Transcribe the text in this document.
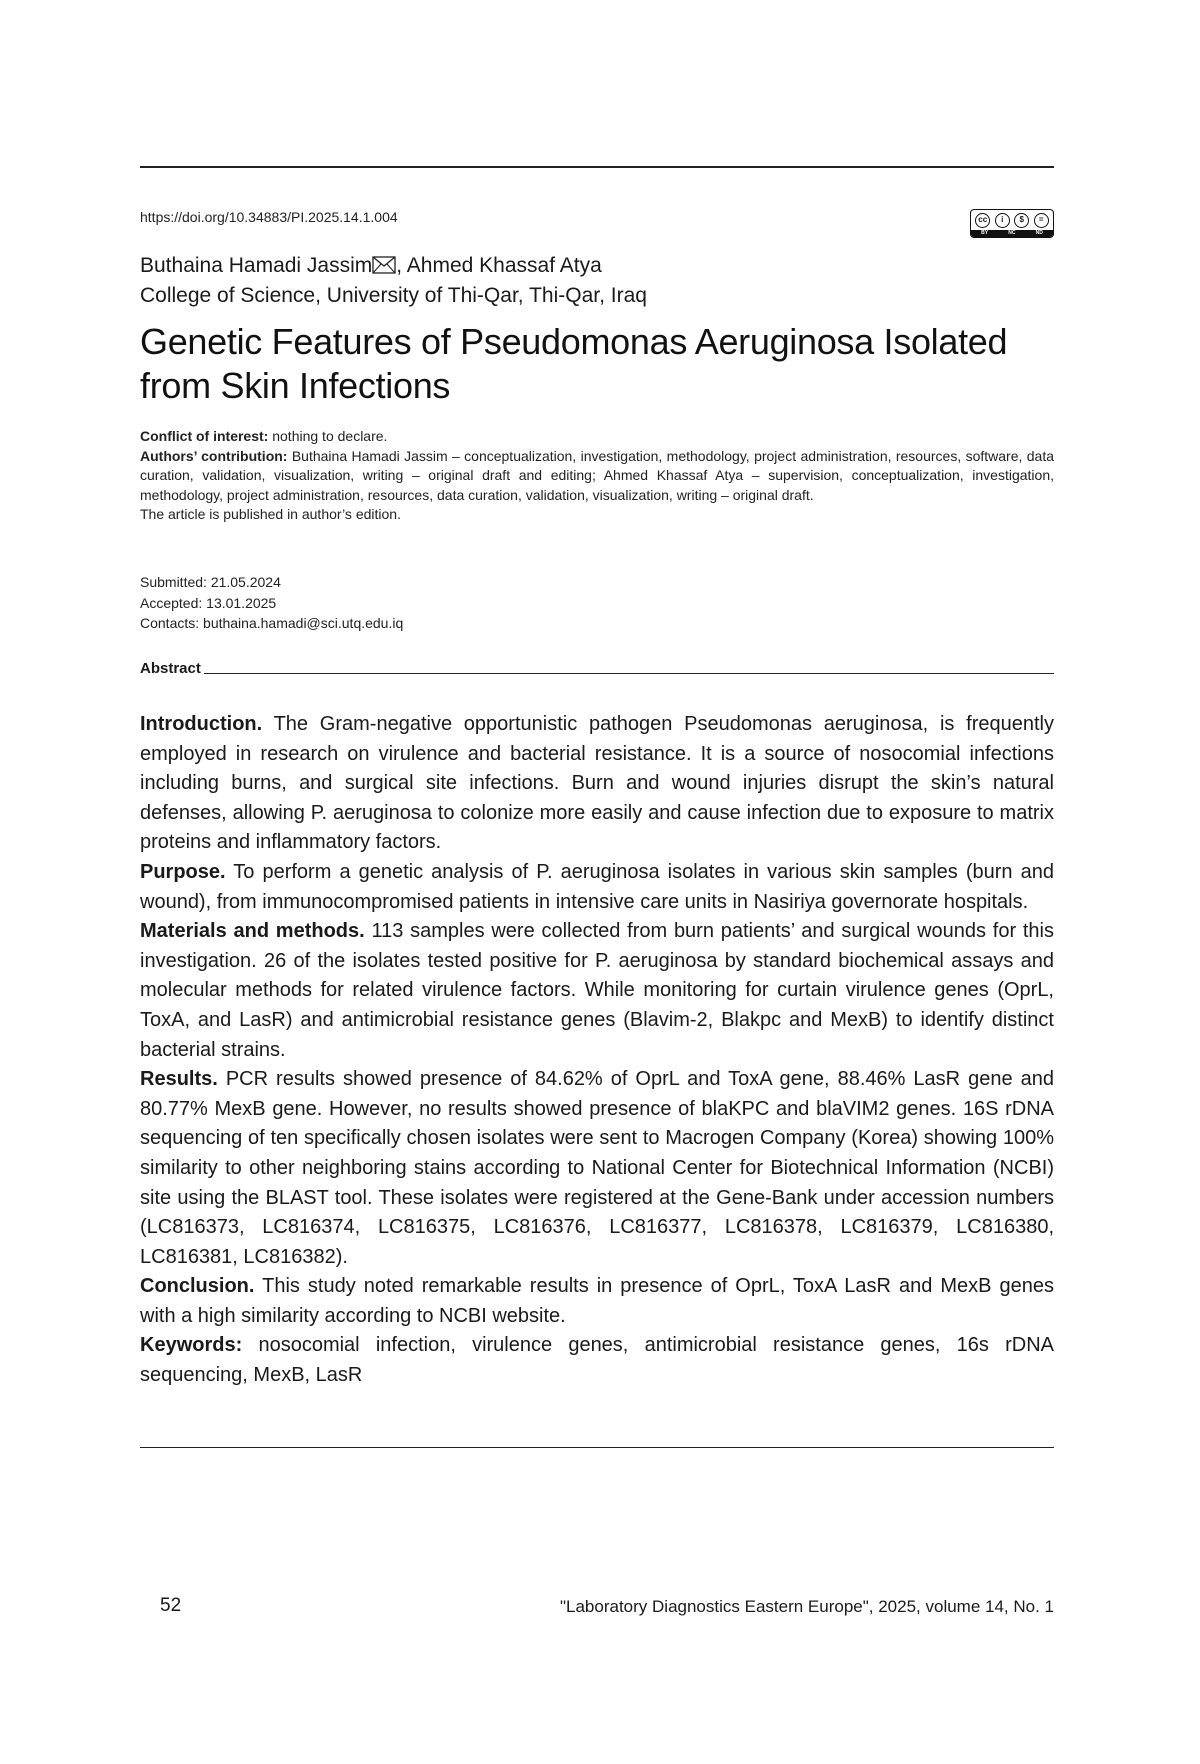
https://doi.org/10.34883/PI.2025.14.1.004	cc	i	$	=
BY	NC	ND
Buthaina Hamadi Jassim , Ahmed Khassaf Atya
College of Science, University of Thi-Qar, Thi-Qar, Iraq
Genetic Features of Pseudomonas Aeruginosa Isolated from Skin Infections

Conflict of interest: nothing to declare.

Authors’ contribution: Buthaina Hamadi Jassim – conceptualization, investigation, methodology, project administration, resources, software, data curation, validation, visualization, writing – original draft and editing; Ahmed Khassaf Atya – supervision, conceptualization, investigation, methodology, project administration, resources, data curation, validation, visualization, writing – original draft.

The article is published in author’s edition.

Submitted: 21.05.2024
Accepted: 13.01.2025
Contacts: buthaina.hamadi@sci.utq.edu.iq
Abstract

Introduction. The Gram-negative opportunistic pathogen Pseudomonas aeruginosa, is frequently employed in research on virulence and bacterial resistance. It is a source of nosocomial infections including burns, and surgical site infections. Burn and wound injuries disrupt the skin’s natural defenses, allowing P. aeruginosa to colonize more easily and cause infection due to exposure to matrix proteins and inflammatory factors.

Purpose. To perform a genetic analysis of P. aeruginosa isolates in various skin samples (burn and wound), from immunocompromised patients in intensive care units in Nasiriya governorate hospitals.

Materials and methods. 113 samples were collected from burn patients’ and surgical wounds for this investigation. 26 of the isolates tested positive for P. aeruginosa by standard biochemical assays and molecular methods for related virulence factors. While monitoring for curtain virulence genes (OprL, ToxA, and LasR) and antimicrobial resistance genes (Blavim-2, Blakpc and MexB) to identify distinct bacterial strains.

Results. PCR results showed presence of 84.62% of OprL and ToxA gene, 88.46% LasR gene and 80.77% MexB gene. However, no results showed presence of blaKPC and blaVIM2 genes. 16S rDNA sequencing of ten specifically chosen isolates were sent to Macrogen Company (Korea) showing 100% similarity to other neighboring stains according to National Center for Biotechnical Information (NCBI) site using the BLAST tool. These isolates were registered at the Gene-Bank under accession numbers (LC816373, LC816374, LC816375, LC816376, LC816377, LC816378, LC816379, LC816380, LC816381, LC816382).

Conclusion. This study noted remarkable results in presence of OprL, ToxA LasR and MexB genes with a high similarity according to NCBI website.

Keywords: nosocomial infection, virulence genes, antimicrobial resistance genes, 16s rDNA sequencing, MexB, LasR

52	"Laboratory Diagnostics Eastern Europe", 2025, volume 14, No. 1
